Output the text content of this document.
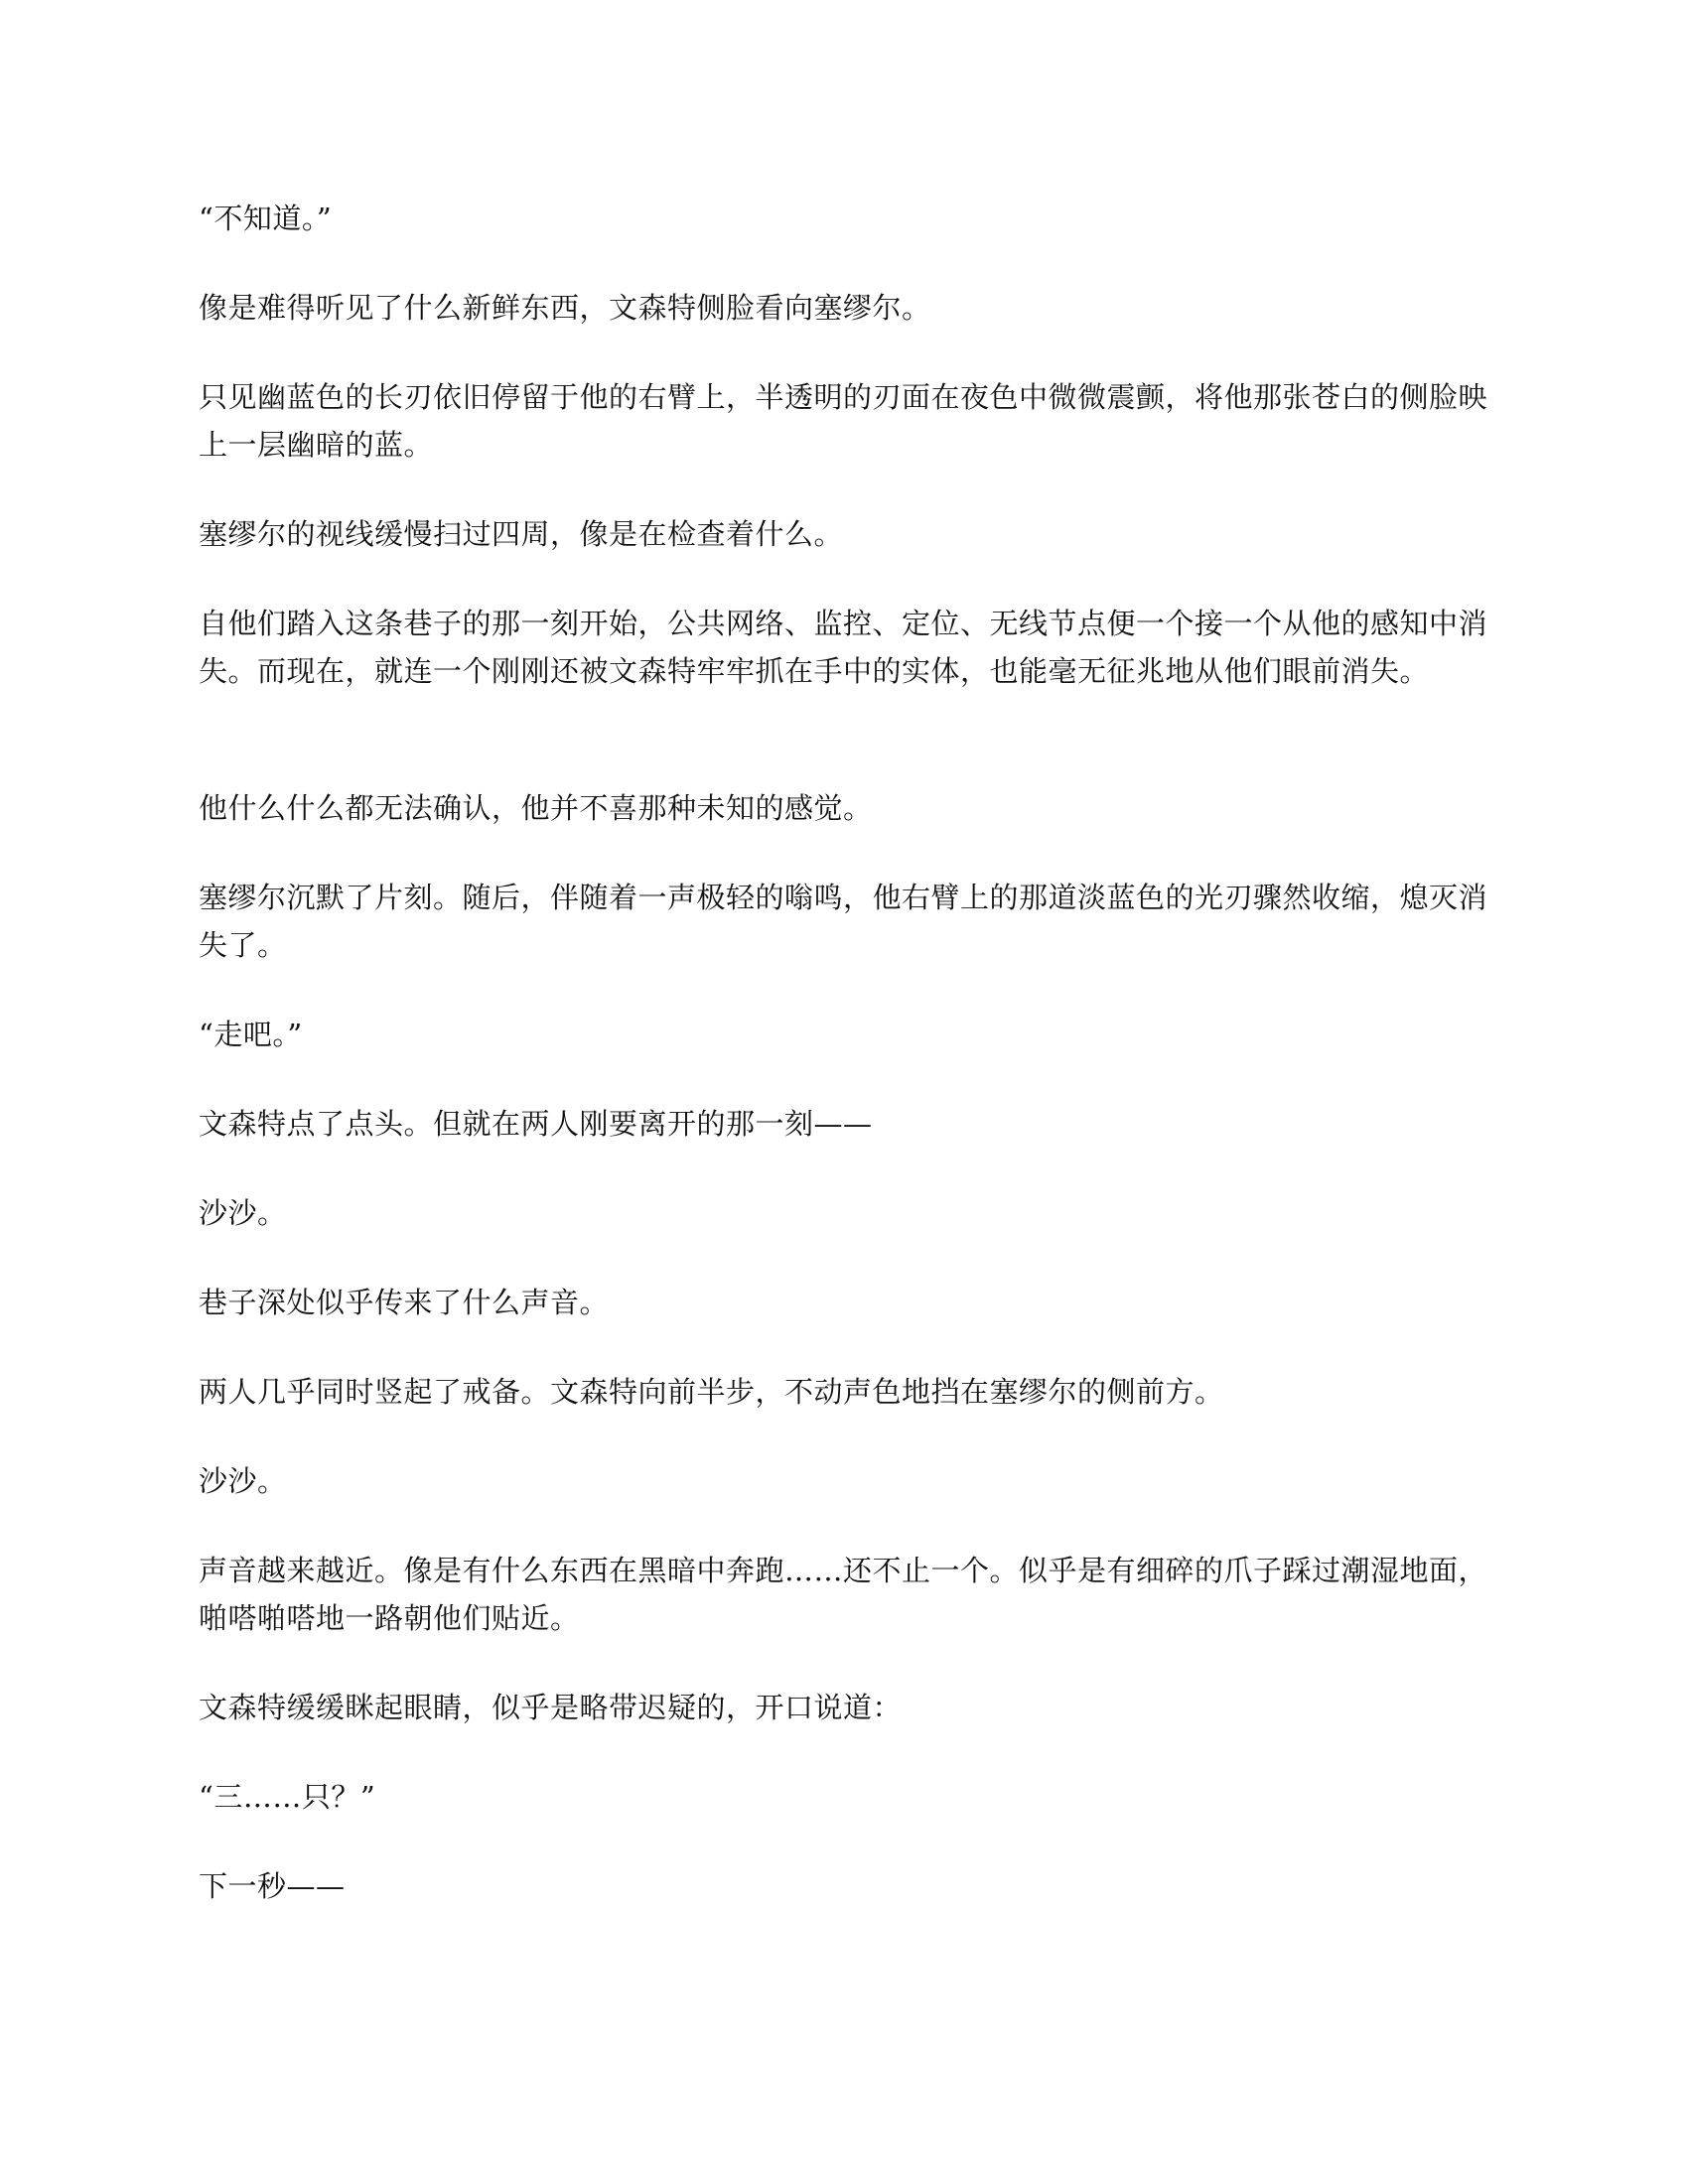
“不知道。”

像是难得听见了什么新鲜东西，文森特侧脸看向塞缪尔。

只见幽蓝色的长刃依旧停留于他的右臂上，半透明的刃面在夜色中微微震颤，将他那张苍白的侧脸映上一层幽暗的蓝。

塞缪尔的视线缓慢扫过四周，像是在检查着什么。

自他们踏入这条巷子的那一刻开始，公共网络、监控、定位、无线节点便一个接一个从他的感知中消失。而现在，就连一个刚刚还被文森特牢牢抓在手中的实体，也能毫无征兆地从他们眼前消失。

他什么什么都无法确认，他并不喜那种未知的感觉。

塞缪尔沉默了片刻。随后，伴随着一声极轻的嗡鸣，他右臂上的那道淡蓝色的光刃骤然收缩，熄灭消失了。

“走吧。”

文森特点了点头。但就在两人刚要离开的那一刻——

沙沙。

巷子深处似乎传来了什么声音。

两人几乎同时竖起了戒备。文森特向前半步，不动声色地挡在塞缪尔的侧前方。

沙沙。

声音越来越近。像是有什么东西在黑暗中奔跑……还不止一个。似乎是有细碎的爪子踩过潮湿地面，啪嗒啪嗒地一路朝他们贴近。

文森特缓缓眯起眼睛，似乎是略带迟疑的，开口说道：

“三……只？”

下一秒——
